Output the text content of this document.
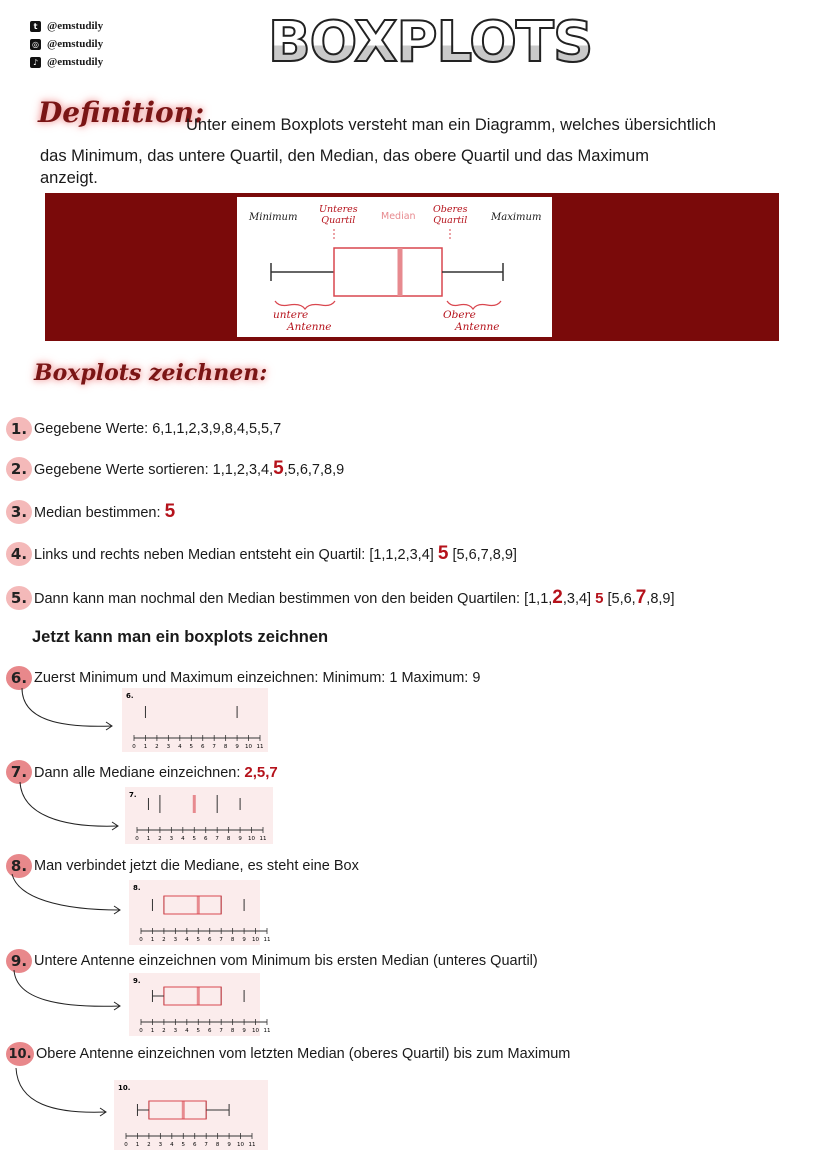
t @emstudily
◎ @emstudily
♪ @emstudily	BOXPLOTS
Definition:
Unter einem Boxplots versteht man ein Diagramm, welches übersichtlich
das Minimum, das untere Quartil, den Median, das obere Quartil und das Maximum
anzeigt.
Minimum
Unteres
Quartil	Median
Oberes
Quartil Maximum
untere
Antenne
Obere
Antenne
Boxplots zeichnen:
1. Gegebene Werte: 6,1,1,2,3,9,8,4,5,5,7
2. Gegebene Werte sortieren: 1,1,2,3,4,5,5,6,7,8,9
3. Median bestimmen: 5
4. Links und rechts neben Median entsteht ein Quartil: [1,1,2,3,4] 5 [5,6,7,8,9]
5. Dann kann man nochmal den Median bestimmen von den beiden Quartilen: [1,1,2,3,4] 5 [5,6,7,8,9]
Jetzt kann man ein boxplots zeichnen
6. Zuerst Minimum und Maximum einzeichnen: Minimum: 1 Maximum: 9
6.
0 1 2 3 4 5 6 7 8 9 10 11
7. Dann alle Mediane einzeichnen: 2,5,7
7.
0 1 2 3 4 5 6 7 8 9 10 11
8. Man verbindet jetzt die Mediane, es steht eine Box
8.
0 1 2 3 4 5 6 7 8 9 10 11
9. Untere Antenne einzeichnen vom Minimum bis ersten Median (unteres Quartil)
9.
0 1 2 3 4 5 6 7 8 9 10 11
10. Obere Antenne einzeichnen vom letzten Median (oberes Quartil) bis zum Maximum
10.
0 1 2 3 4 5 6 7 8 9 10 11
